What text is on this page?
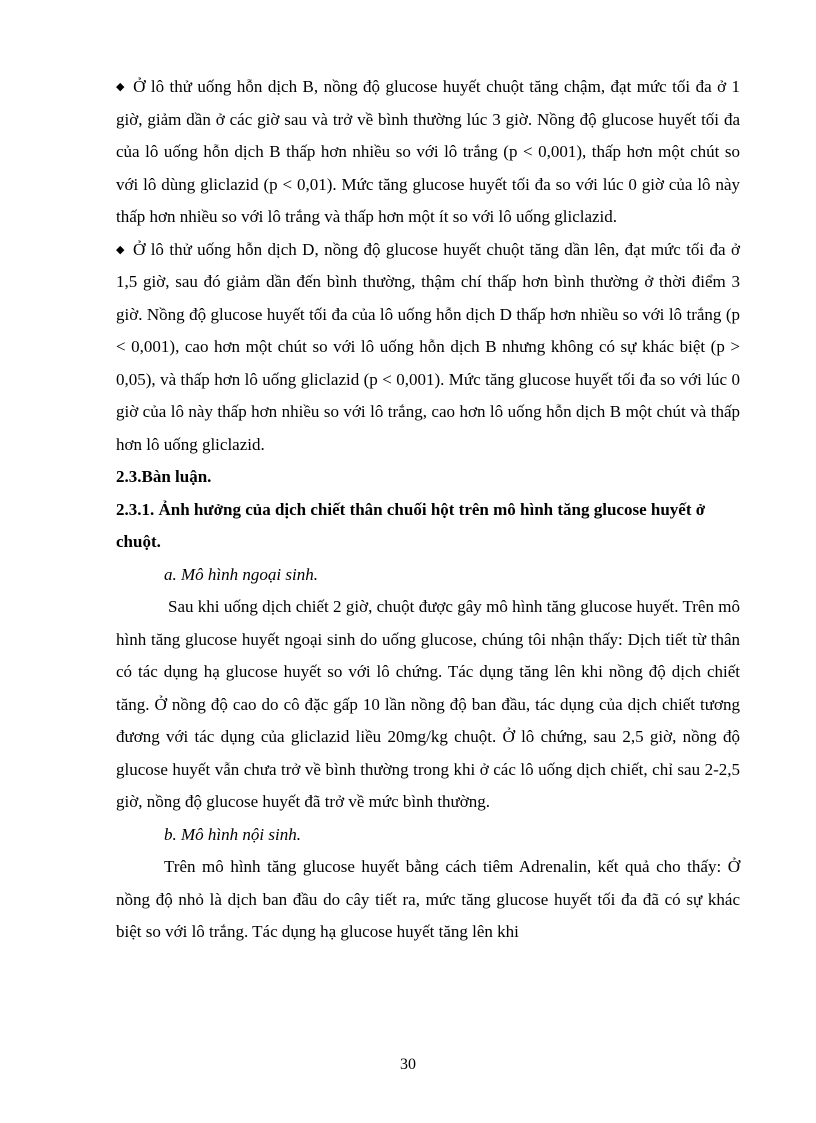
◆ Ở lô thử uống hỗn dịch B, nồng độ glucose huyết chuột tăng chậm, đạt mức tối đa ở 1 giờ, giảm dần ở các giờ sau và trở về bình thường lúc 3 giờ. Nồng độ glucose huyết tối đa của lô uống hỗn dịch B thấp hơn nhiều so với lô trắng (p < 0,001), thấp hơn một chút so với lô dùng gliclazid (p < 0,01). Mức tăng glucose huyết tối đa so với lúc 0 giờ của lô này thấp hơn nhiều so với lô trắng và thấp hơn một ít so với lô uống gliclazid.

◆ Ở lô thử uống hỗn dịch D, nồng độ glucose huyết chuột tăng dần lên, đạt mức tối đa ở 1,5 giờ, sau đó giảm dần đến bình thường, thậm chí thấp hơn bình thường ở thời điểm 3 giờ. Nồng độ glucose huyết tối đa của lô uống hỗn dịch D thấp hơn nhiều so với lô trắng (p < 0,001), cao hơn một chút so với lô uống hỗn dịch B nhưng không có sự khác biệt (p > 0,05), và thấp hơn lô uống gliclazid (p < 0,001). Mức tăng glucose huyết tối đa so với lúc 0 giờ của lô này thấp hơn nhiều so với lô trắng, cao hơn lô uống hỗn dịch B một chút và thấp hơn lô uống gliclazid.

2.3.Bàn luận.

2.3.1. Ảnh hưởng của dịch chiết thân chuối hột trên mô hình tăng glucose huyết ở chuột.

a. Mô hình ngoại sinh.

Sau khi uống dịch chiết 2 giờ, chuột được gây mô hình tăng glucose huyết. Trên mô hình tăng glucose huyết ngoại sinh do uống glucose, chúng tôi nhận thấy: Dịch tiết từ thân có tác dụng hạ glucose huyết so với lô chứng. Tác dụng tăng lên khi nồng độ dịch chiết tăng. Ở nồng độ cao do cô đặc gấp 10 lần nồng độ ban đầu, tác dụng của dịch chiết tương đương với tác dụng của gliclazid liều 20mg/kg chuột. Ở lô chứng, sau 2,5 giờ, nồng độ glucose huyết vẫn chưa trở về bình thường trong khi ở các lô uống dịch chiết, chỉ sau 2-2,5 giờ, nồng độ glucose huyết đã trở về mức bình thường.

b. Mô hình nội sinh.

Trên mô hình tăng glucose huyết bằng cách tiêm Adrenalin, kết quả cho thấy: Ở nồng độ nhỏ là dịch ban đầu do cây tiết ra, mức tăng glucose huyết tối đa đã có sự khác biệt so với lô trắng. Tác dụng hạ glucose huyết tăng lên khi

30
